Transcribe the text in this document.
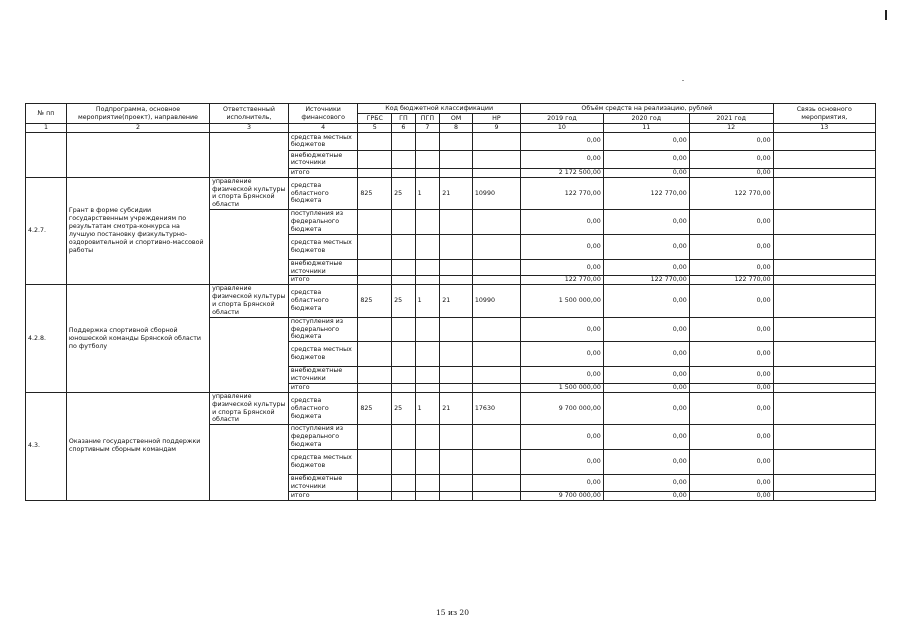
№ пп	Подпрограмма, основное мероприятие(проект), направление	Ответственный исполнитель,	Источники финансового	Код бюджетной классификации					Объём средств на реализацию, рублей			Связь основного мероприятия,
				ГРБС	ГП	ПГП	ОМ	НР	2019 год	2020 год	2021 год	
1	2	3	4	5	6	7	8	9	10	11	12	13
			средства местных бюджетов						0,00	0,00	0,00	
			внебюджетные источники						0,00	0,00	0,00	
			итого						2 172 500,00	0,00	0,00	
4.2.7.	Грант в форме субсидии государственным учреждениям по результатам смотра-конкурса на лучшую постановку физкультурно-оздоровительной и спортивно-массовой работы	управление физической культуры и спорта Брянской области	средства областного бюджета	825	25	1	21	10990	122 770,00	122 770,00	122 770,00	
			поступления из федерального бюджета						0,00	0,00	0,00	
			средства местных бюджетов						0,00	0,00	0,00	
			внебюджетные источники						0,00	0,00	0,00	
			итого						122 770,00	122 770,00	122 770,00	
4.2.8.	Поддержка спортивной сборной юношеской команды Брянской области по футболу	управление физической культуры и спорта Брянской области	средства областного бюджета	825	25	1	21	10990	1 500 000,00	0,00	0,00	
			поступления из федерального бюджета						0,00	0,00	0,00	
			средства местных бюджетов						0,00	0,00	0,00	
			внебюджетные источники						0,00	0,00	0,00	
			итого						1 500 000,00	0,00	0,00	
4.3.	Оказание государственной поддержки спортивным сборным командам	управление физической культуры и спорта Брянской области	средства областного бюджета	825	25	1	21	17630	9 700 000,00	0,00	0,00	
			поступления из федерального бюджета						0,00	0,00	0,00	
			средства местных бюджетов						0,00	0,00	0,00	
			внебюджетные источники						0,00	0,00	0,00	
			итого						9 700 000,00	0,00	0,00	
15 из 20
